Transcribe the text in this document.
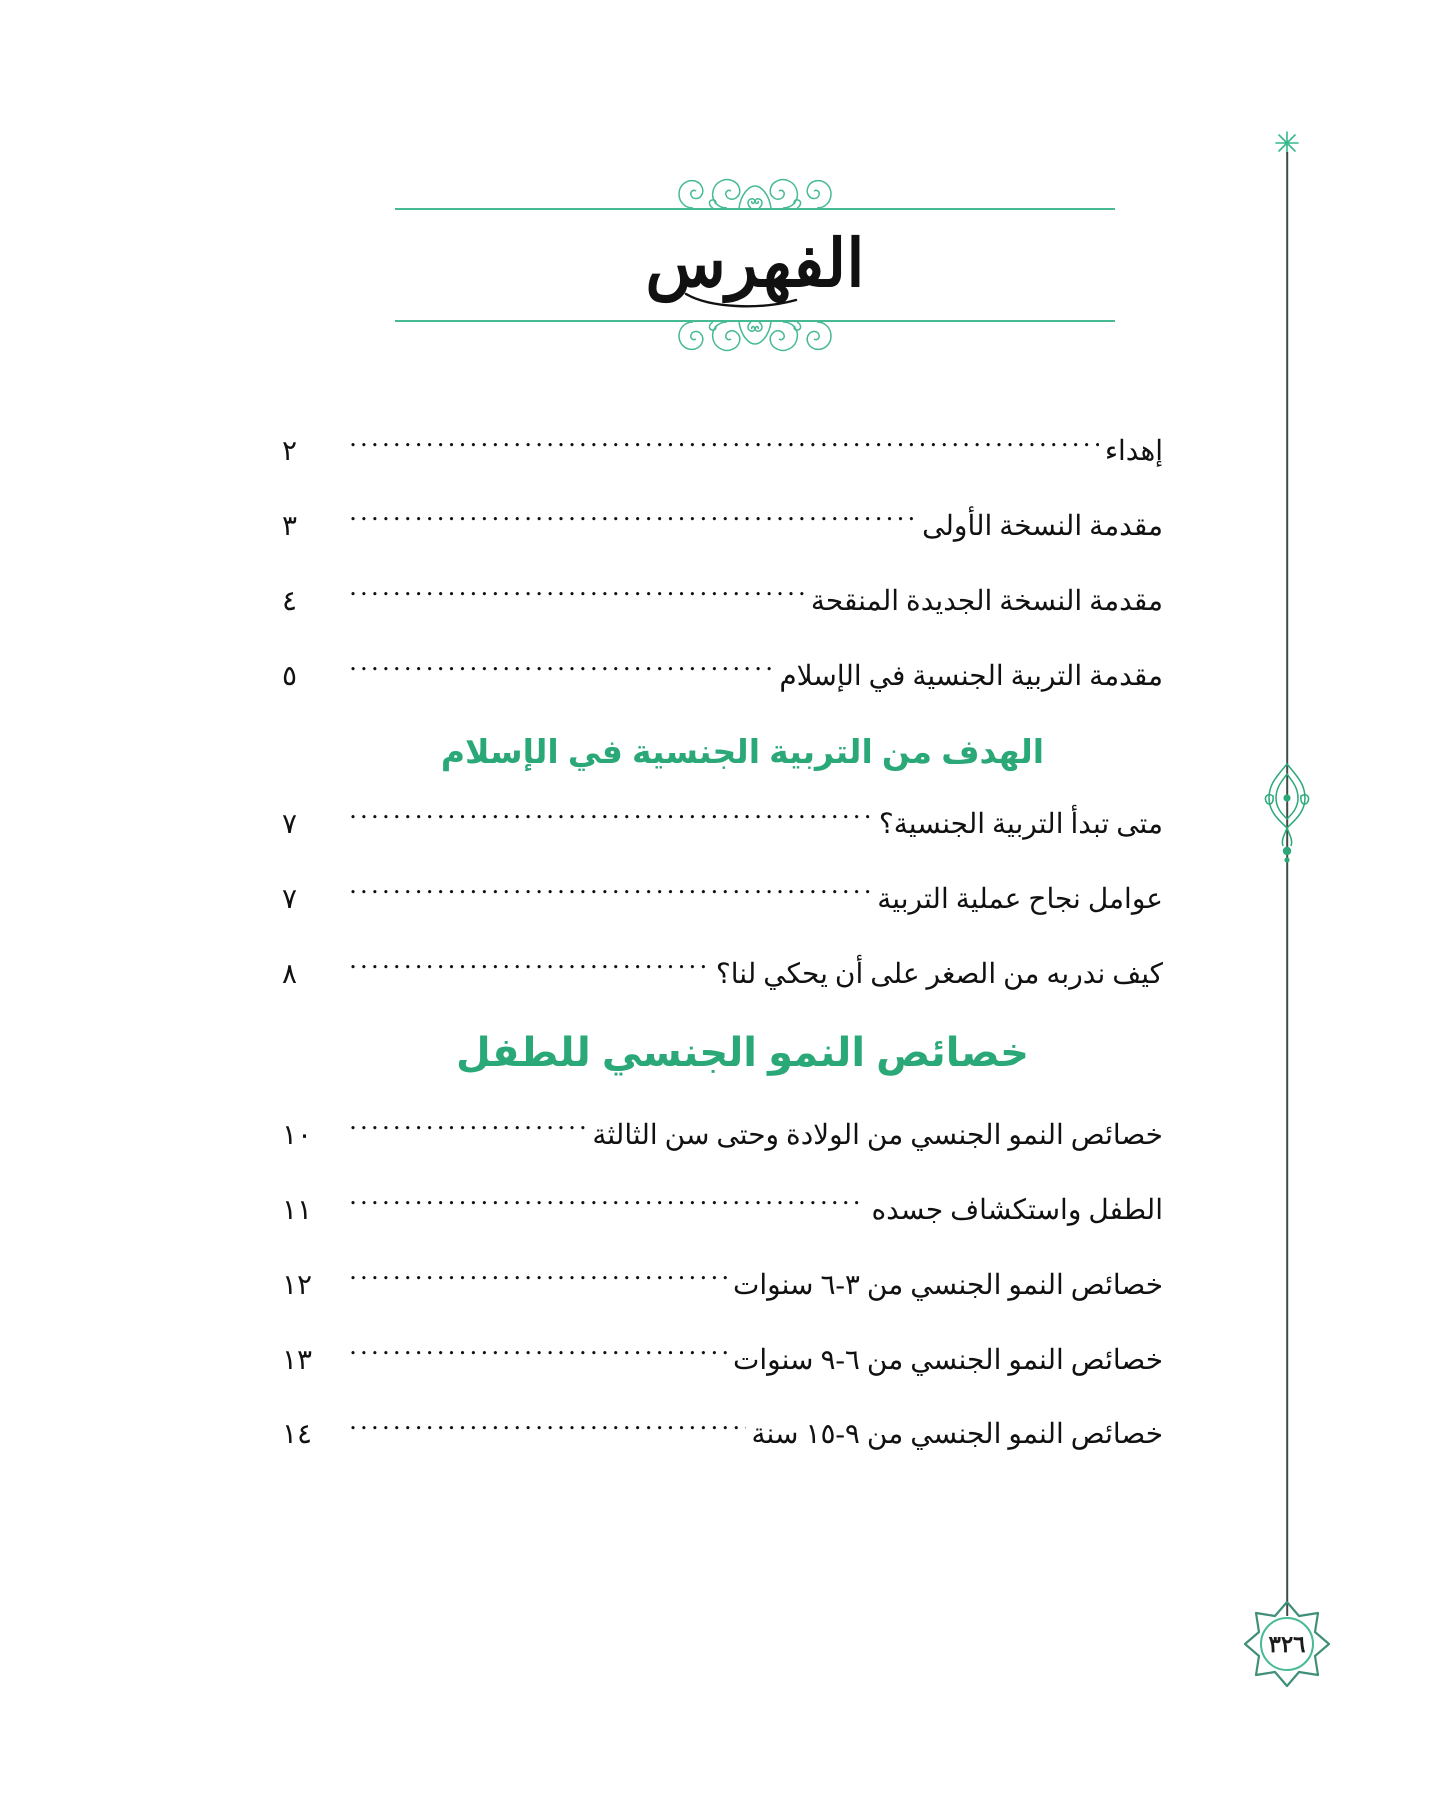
٣٢٦
الفهرس
إهداء
.....
٢
مقدمة النسخة الأولى
.....
٣
مقدمة النسخة الجديدة المنقحة
.....
٤
مقدمة التربية الجنسية في الإسلام
.....
٥
الهدف من التربية الجنسية في الإسلام
متى تبدأ التربية الجنسية؟
.....
٧
عوامل نجاح عملية التربية
.....
٧
كيف ندربه من الصغر على أن يحكي لنا؟
.....
٨
خصائص النمو الجنسي للطفل
خصائص النمو الجنسي من الولادة وحتى سن الثالثة
.....
١٠
الطفل واستكشاف جسده
.....
١١
خصائص النمو الجنسي من ٣-٦ سنوات
.....
١٢
خصائص النمو الجنسي من ٦-٩ سنوات
.....
١٣
خصائص النمو الجنسي من ٩-١٥ سنة
.....
١٤
